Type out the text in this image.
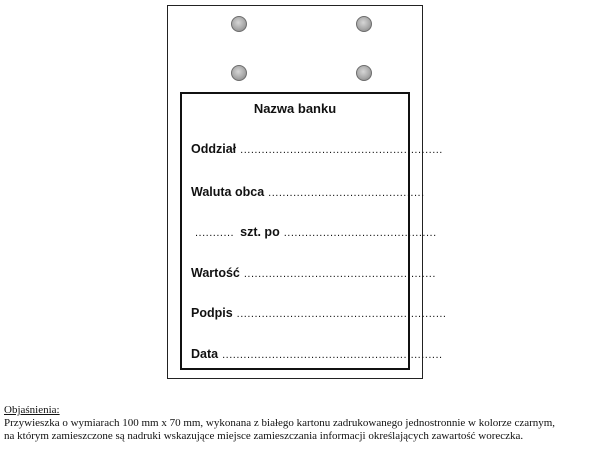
Nazwa banku
Oddział .........................................................
Waluta obca ............................................
........... szt. po ...........................................
Wartość ......................................................
Podpis ...........................................................
Data ..............................................................
Objaśnienia:
Przywieszka o wymiarach 100 mm x 70 mm, wykonana z białego kartonu zadrukowanego jednostronnie w kolorze czarnym,
na którym zamieszczone są nadruki wskazujące miejsce zamieszczania informacji określających zawartość woreczka.
